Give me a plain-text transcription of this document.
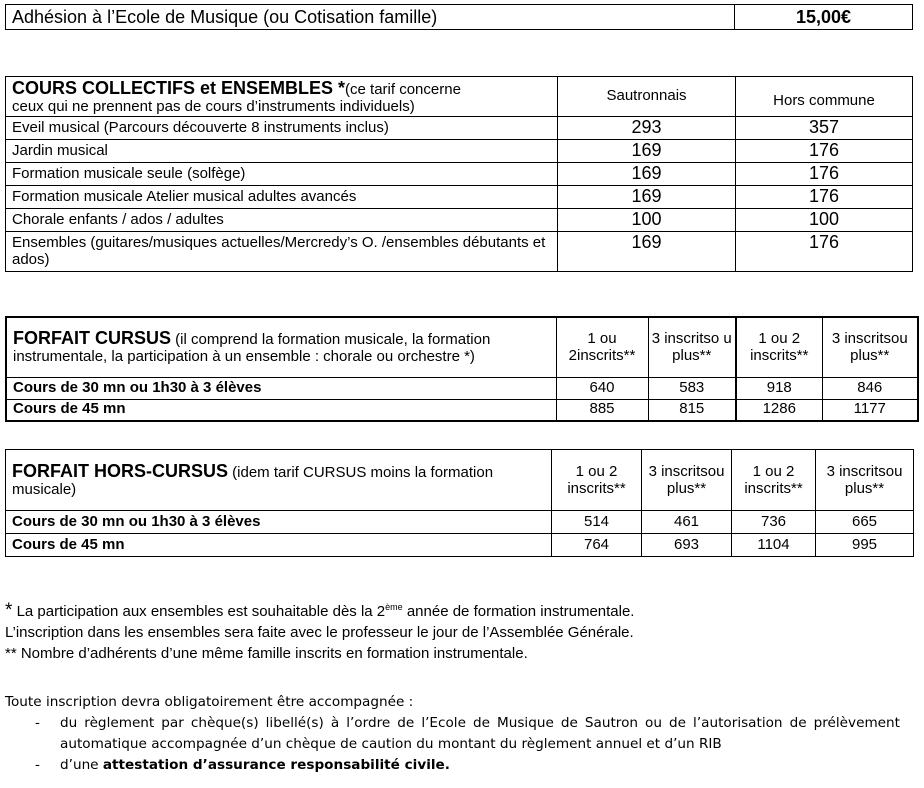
Adhésion à l’Ecole de Musique (ou Cotisation famille)	15,00€
COURS COLLECTIFS et ENSEMBLES *(ce tarif concerne
ceux qui ne prennent pas de cours d’instruments individuels)	Sautronnais	Hors commune
Eveil musical (Parcours découverte 8 instruments inclus)	293	357
Jardin musical	169	176
Formation musicale seule (solfège)	169	176
Formation musicale Atelier musical adultes avancés	169	176
Chorale enfants / ados / adultes	100	100
Ensembles (guitares/musiques actuelles/Mercredy’s O. /ensembles débutants et ados)	169	176
FORFAIT CURSUS (il comprend la formation musicale, la formation instrumentale, la participation à un ensemble : chorale ou orchestre *)	1 ou 2inscrits**	3 inscritso u plus**	1 ou 2 inscrits**	3 inscritsou plus**
Cours de 30 mn ou 1h30 à 3 élèves	640	583	918	846
Cours de 45 mn	885	815	1286	1177
FORFAIT HORS-CURSUS (idem tarif CURSUS moins la formation musicale)	1 ou 2 inscrits**	3 inscritsou plus**	1 ou 2 inscrits**	3 inscritsou plus**
Cours de 30 mn ou 1h30 à 3 élèves	514	461	736	665
Cours de 45 mn	764	693	1104	995

* La participation aux ensembles est souhaitable dès la 2ème année de formation instrumentale.

L’inscription dans les ensembles sera faite avec le professeur le jour de l’Assemblée Générale.

** Nombre d’adhérents d’une même famille inscrits en formation instrumentale.

Toute inscription devra obligatoirement être accompagnée :

-	du règlement par chèque(s) libellé(s) à l’ordre de l’Ecole de Musique de Sautron ou de l’autorisation de prélèvement automatique accompagnée d’un chèque de caution du montant du règlement annuel et d’un RIB
-	d’une attestation d’assurance responsabilité civile.
